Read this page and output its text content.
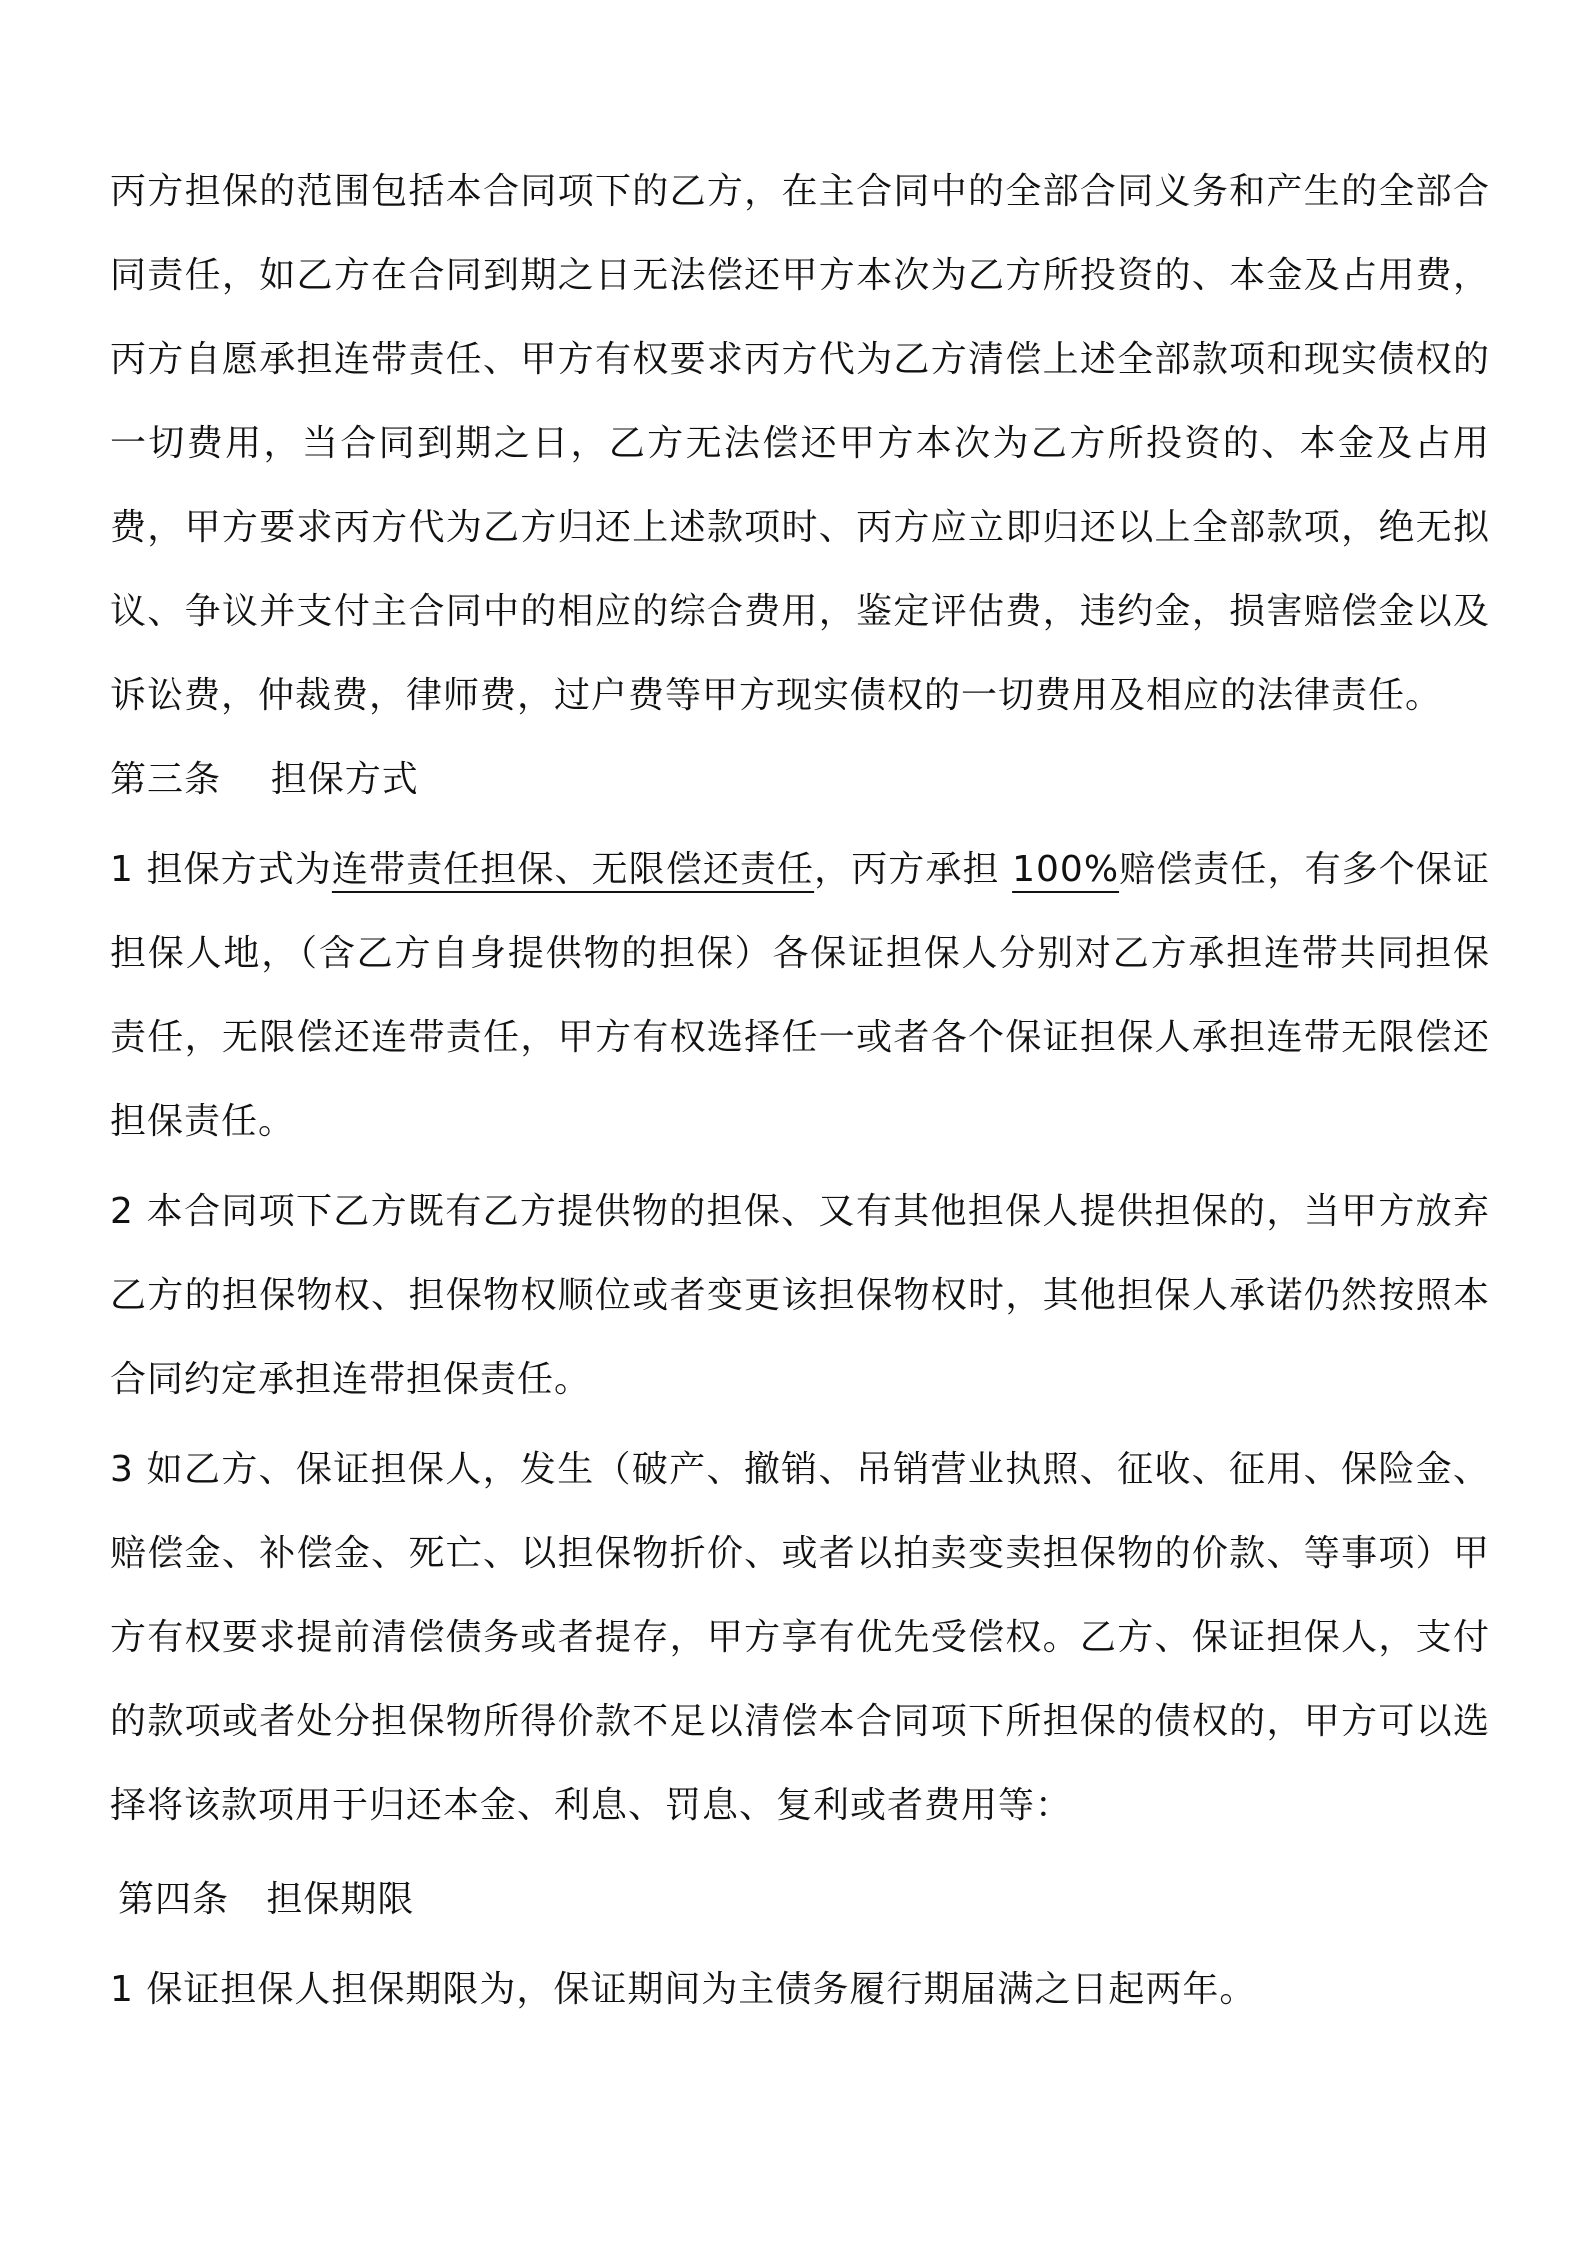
丙方担保的范围包括本合同项下的乙方，在主合同中的全部合同义务和产生的全部合同责任，如乙方在合同到期之日无法偿还甲方本次为乙方所投资的、本金及占用费，丙方自愿承担连带责任、甲方有权要求丙方代为乙方清偿上述全部款项和现实债权的一切费用，当合同到期之日，乙方无法偿还甲方本次为乙方所投资的、本金及占用费，甲方要求丙方代为乙方归还上述款项时、丙方应立即归还以上全部款项，绝无拟议、争议并支付主合同中的相应的综合费用，鉴定评估费，违约金，损害赔偿金以及诉讼费，仲裁费，律师费，过户费等甲方现实债权的一切费用及相应的法律责任。

第三条 担保方式

1 担保方式为连带责任担保、无限偿还责任，丙方承担 100%赔偿责任，有多个保证担保人地，（含乙方自身提供物的担保）各保证担保人分别对乙方承担连带共同担保责任，无限偿还连带责任，甲方有权选择任一或者各个保证担保人承担连带无限偿还担保责任。

2 本合同项下乙方既有乙方提供物的担保、又有其他担保人提供担保的，当甲方放弃乙方的担保物权、担保物权顺位或者变更该担保物权时，其他担保人承诺仍然按照本合同约定承担连带担保责任。

3 如乙方、保证担保人，发生（破产、撤销、吊销营业执照、征收、征用、保险金、赔偿金、补偿金、死亡、以担保物折价、或者以拍卖变卖担保物的价款、等事项）甲方有权要求提前清偿债务或者提存，甲方享有优先受偿权。乙方、保证担保人，支付的款项或者处分担保物所得价款不足以清偿本合同项下所担保的债权的，甲方可以选择将该款项用于归还本金、利息、罚息、复利或者费用等：

第四条 担保期限

1 保证担保人担保期限为，保证期间为主债务履行期届满之日起两年。
